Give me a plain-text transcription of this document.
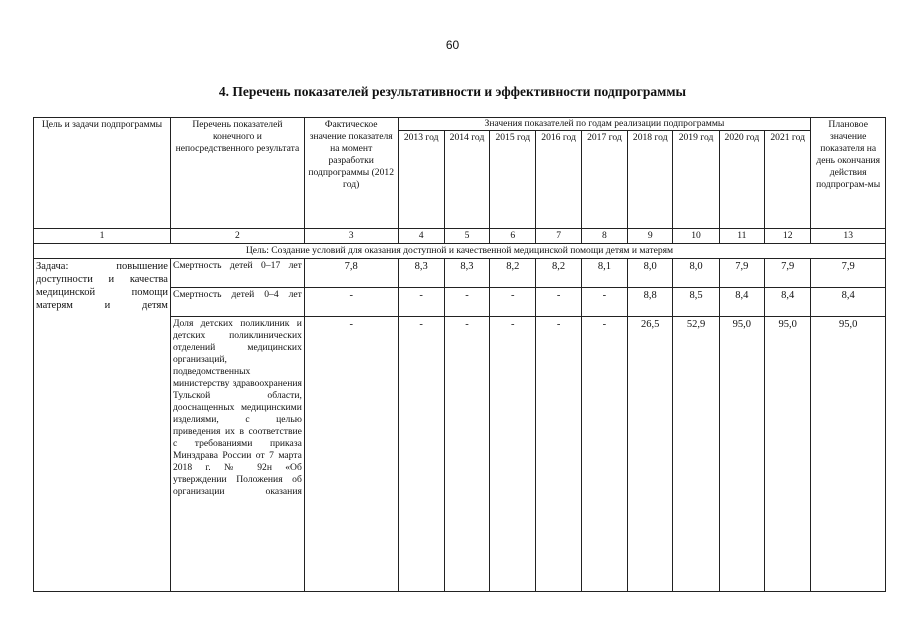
60
4. Перечень показателей результативности и эффективности подпрограммы
Цель и задачи подпрограммы	Перечень показателей конечного и непосредственного результата	Фактическое значение показателя на момент разработки подпрограммы (2012 год)	Значения показателей по годам реализации подпрограммы									Плановое значение показателя на день окончания действия подпрограм-мы
			2013 год	2014 год	2015 год	2016 год	2017 год	2018 год	2019 год	2020 год	2021 год	
1	2	3	4	5	6	7	8	9	10	11	12	13
Цель: Создание условий для оказания доступной и качественной медицинской помощи детям и матерям												
Задача: повышение доступности и качества медицинской помощи матерям и детям	Смертность детей 0–17 лет	7,8	8,3	8,3	8,2	8,2	8,1	8,0	8,0	7,9	7,9	7,9
	Смертность детей 0–4 лет	-	-	-	-	-	-	8,8	8,5	8,4	8,4	8,4
	Доля детских поликлиник и детских поликлинических отделений медицинских организаций, подведомственных министерству здравоохранения Тульской области, дооснащенных медицинскими изделиями, с целью приведения их в соответствие с требованиями приказа Минздрава России от 7 марта 2018 г. № 92н «Об утверждении Положения об организации оказания	-	-	-	-	-	-	26,5	52,9	95,0	95,0	95,0
